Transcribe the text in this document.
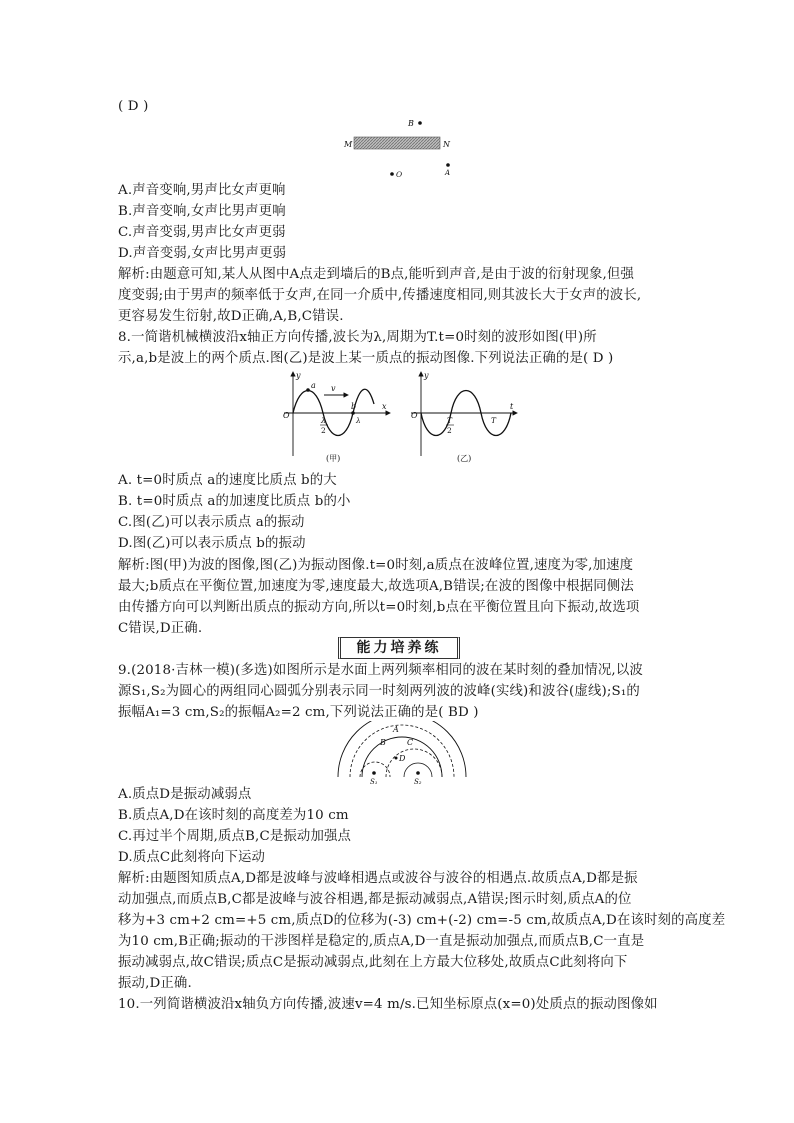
( D )
B
M	N
A
O
A.声音变响,男声比女声更响
B.声音变响,女声比男声更响
C.声音变弱,男声比女声更弱
D.声音变弱,女声比男声更弱
解析:由题意可知,某人从图中A点走到墙后的B点,能听到声音,是由于波的衍射现象,但强
度变弱;由于男声的频率低于女声,在同一介质中,传播速度相同,则其波长大于女声的波长,
更容易发生衍射,故D正确,A,B,C错误.
8.一简谐机械横波沿x轴正方向传播,波长为λ,周期为T.t=0时刻的波形如图(甲)所
示,a,b是波上的两个质点.图(乙)是波上某一质点的振动图像.下列说法正确的是( D )
y
x
O
a
b
v
λ
2
λ
(甲)
y
t
O
T
2
T
(乙)
A. t=0时质点 a的速度比质点 b的大
B. t=0时质点 a的加速度比质点 b的小
C.图(乙)可以表示质点 a的振动
D.图(乙)可以表示质点 b的振动
解析:图(甲)为波的图像,图(乙)为振动图像.t=0时刻,a质点在波峰位置,速度为零,加速度
最大;b质点在平衡位置,加速度为零,速度最大,故选项A,B错误;在波的图像中根据同侧法
由传播方向可以判断出质点的振动方向,所以t=0时刻,b点在平衡位置且向下振动,故选项
C错误,D正确.
能力培养练
9.(2018·吉林一模)(多选)如图所示是水面上两列频率相同的波在某时刻的叠加情况,以波
源S₁,S₂为圆心的两组同心圆弧分别表示同一时刻两列波的波峰(实线)和波谷(虚线);S₁的
振幅A₁=3 cm,S₂的振幅A₂=2 cm,下列说法正确的是( BD )
A
B	C
D
S₁	S₂
A.质点D是振动减弱点
B.质点A,D在该时刻的高度差为10 cm
C.再过半个周期,质点B,C是振动加强点
D.质点C此刻将向下运动
解析:由题图知质点A,D都是波峰与波峰相遇点或波谷与波谷的相遇点.故质点A,D都是振
动加强点,而质点B,C都是波峰与波谷相遇,都是振动减弱点,A错误;图示时刻,质点A的位
移为+3 cm+2 cm=+5 cm,质点D的位移为(-3) cm+(-2) cm=-5 cm,故质点A,D在该时刻的高度差
为10 cm,B正确;振动的干涉图样是稳定的,质点A,D一直是振动加强点,而质点B,C一直是
振动减弱点,故C错误;质点C是振动减弱点,此刻在上方最大位移处,故质点C此刻将向下
振动,D正确.
10.一列简谐横波沿x轴负方向传播,波速v=4 m/s.已知坐标原点(x=0)处质点的振动图像如
